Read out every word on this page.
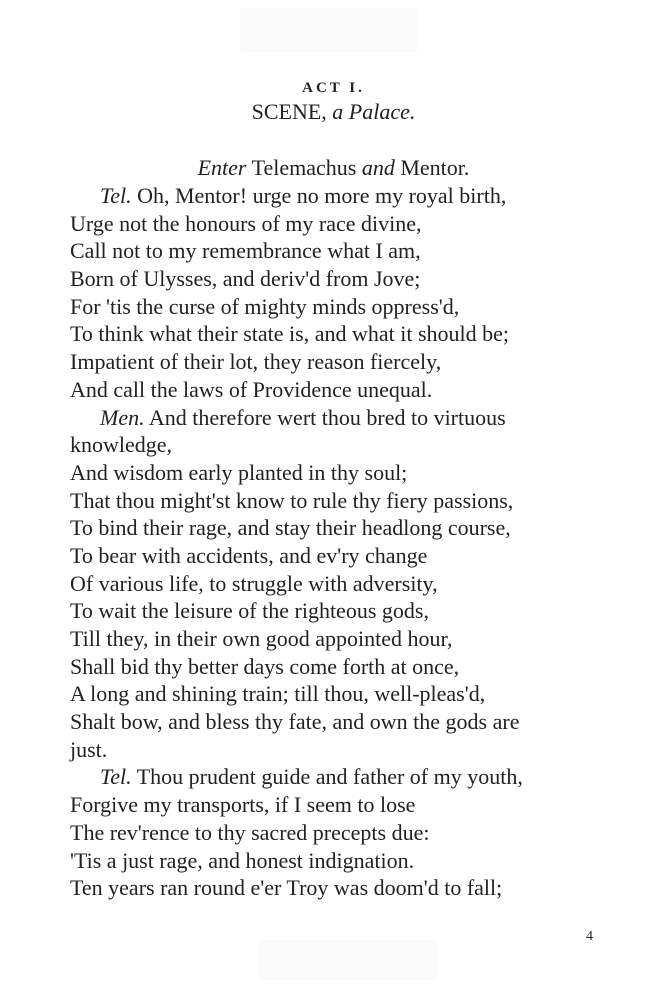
ACT I.
SCENE, a Palace.
Enter Telemachus and Mentor.
Tel. Oh, Mentor! urge no more my royal birth,
Urge not the honours of my race divine,
Call not to my remembrance what I am,
Born of Ulysses, and deriv'd from Jove;
For 'tis the curse of mighty minds oppress'd,
To think what their state is, and what it should be;
Impatient of their lot, they reason fiercely,
And call the laws of Providence unequal.
Men. And therefore wert thou bred to virtuous
knowledge,
And wisdom early planted in thy soul;
That thou might'st know to rule thy fiery passions,
To bind their rage, and stay their headlong course,
To bear with accidents, and ev'ry change
Of various life, to struggle with adversity,
To wait the leisure of the righteous gods,
Till they, in their own good appointed hour,
Shall bid thy better days come forth at once,
A long and shining train; till thou, well-pleas'd,
Shalt bow, and bless thy fate, and own the gods are
just.
Tel. Thou prudent guide and father of my youth,
Forgive my transports, if I seem to lose
The rev'rence to thy sacred precepts due:
'Tis a just rage, and honest indignation.
Ten years ran round e'er Troy was doom'd to fall;
4
